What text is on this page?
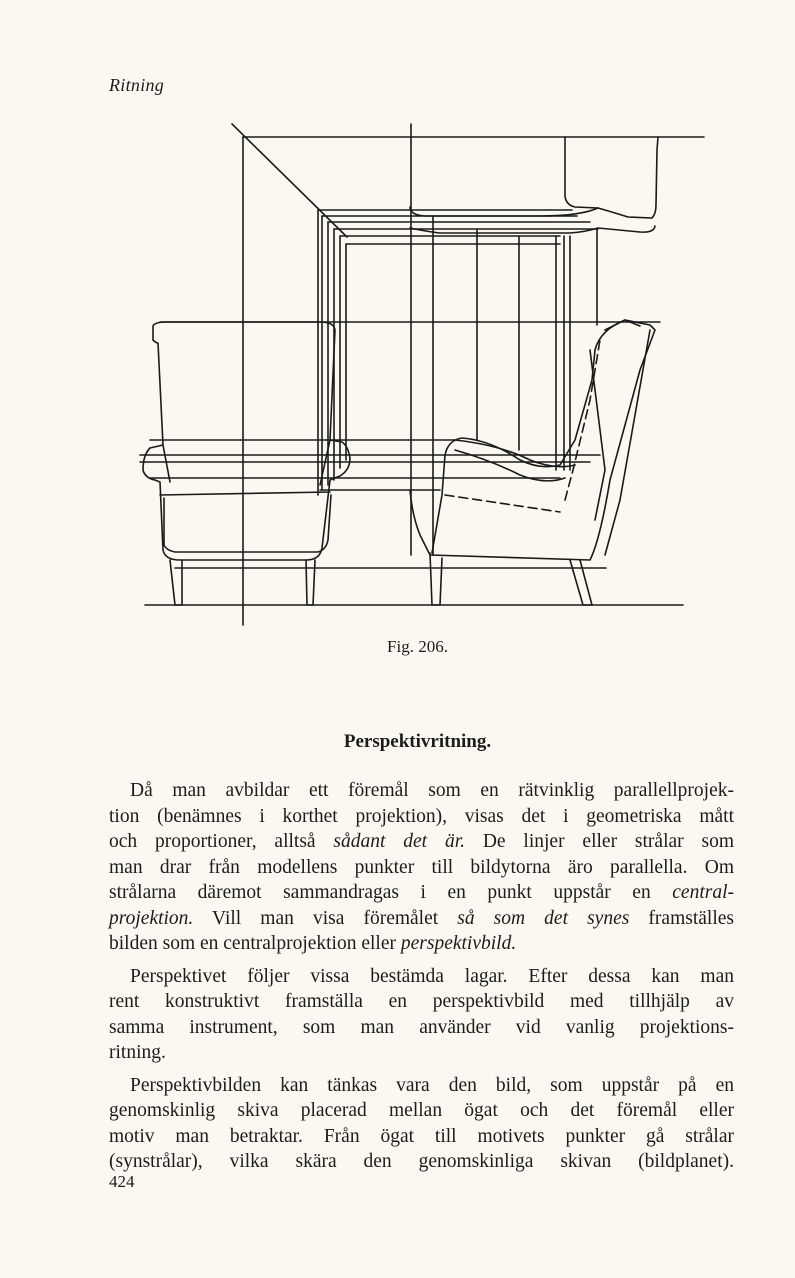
Ritning
Fig. 206.
Perspektivritning.

Då man avbildar ett föremål som en rätvinklig parallellprojek-
tion (benämnes i korthet projektion), visas det i geometriska mått
och proportioner, alltså sådant det är. De linjer eller strålar som
man drar från modellens punkter till bildytorna äro parallella. Om
strålarna däremot sammandragas i en punkt uppstår en central-
projektion. Vill man visa föremålet så som det synes framställes
bilden som en centralprojektion eller perspektivbild.

Perspektivet följer vissa bestämda lagar. Efter dessa kan man
rent konstruktivt framställa en perspektivbild med tillhjälp av
samma instrument, som man använder vid vanlig projektions-
ritning.

Perspektivbilden kan tänkas vara den bild, som uppstår på en
genomskinlig skiva placerad mellan ögat och det föremål eller
motiv man betraktar. Från ögat till motivets punkter gå strålar
(synstrålar), vilka skära den genomskinliga skivan (bildplanet).

424
